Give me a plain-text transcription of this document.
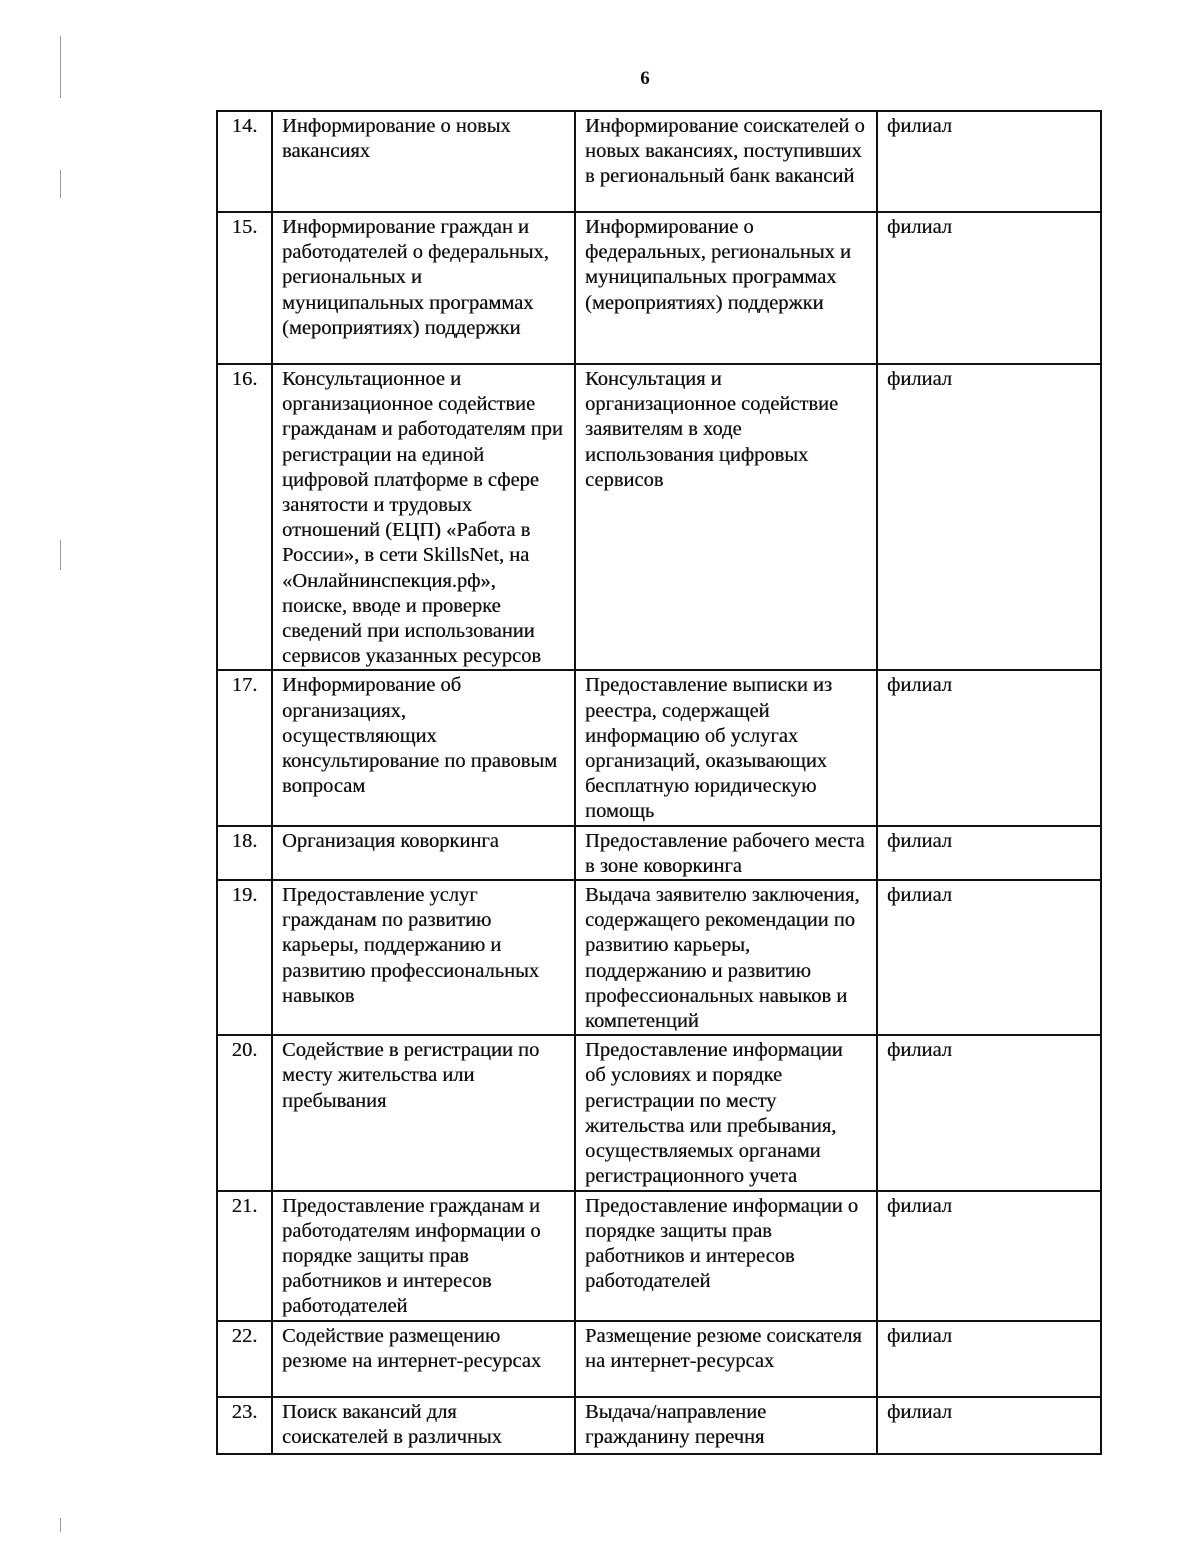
6
14.	Информирование о новых вакансиях	Информирование соискателей о новых вакансиях, поступивших в региональный банк вакансий	филиал
15.	Информирование граждан и работодателей о федеральных, региональных и муниципальных программах (мероприятиях) поддержки	Информирование о федеральных, региональных и муниципальных программах (мероприятиях) поддержки	филиал
16.	Консультационное и организационное содействие гражданам и работодателям при регистрации на единой цифровой платформе в сфере занятости и трудовых отношений (ЕЦП) «Работа в России», в сети SkillsNet, на «Онлайнинспекция.рф», поиске, вводе и проверке сведений при использовании сервисов указанных ресурсов	Консультация и организационное содействие заявителям в ходе использования цифровых сервисов	филиал
17.	Информирование об организациях, осуществляющих консультирование по правовым вопросам	Предоставление выписки из реестра, содержащей информацию об услугах организаций, оказывающих бесплатную юридическую помощь	филиал
18.	Организация коворкинга	Предоставление рабочего места в зоне коворкинга	филиал
19.	Предоставление услуг гражданам по развитию карьеры, поддержанию и развитию профессиональных навыков	Выдача заявителю заключения, содержащего рекомендации по развитию карьеры, поддержанию и развитию профессиональных навыков и компетенций	филиал
20.	Содействие в регистрации по месту жительства или пребывания	Предоставление информации об условиях и порядке регистрации по месту жительства или пребывания, осуществляемых органами регистрационного учета	филиал
21.	Предоставление гражданам и работодателям информации о порядке защиты прав работников и интересов работодателей	Предоставление информации о порядке защиты прав работников и интересов работодателей	филиал
22.	Содействие размещению резюме на интернет-ресурсах	Размещение резюме соискателя на интернет-ресурсах	филиал
23.	Поиск вакансий для соискателей в различных	Выдача/направление гражданину перечня	филиал
